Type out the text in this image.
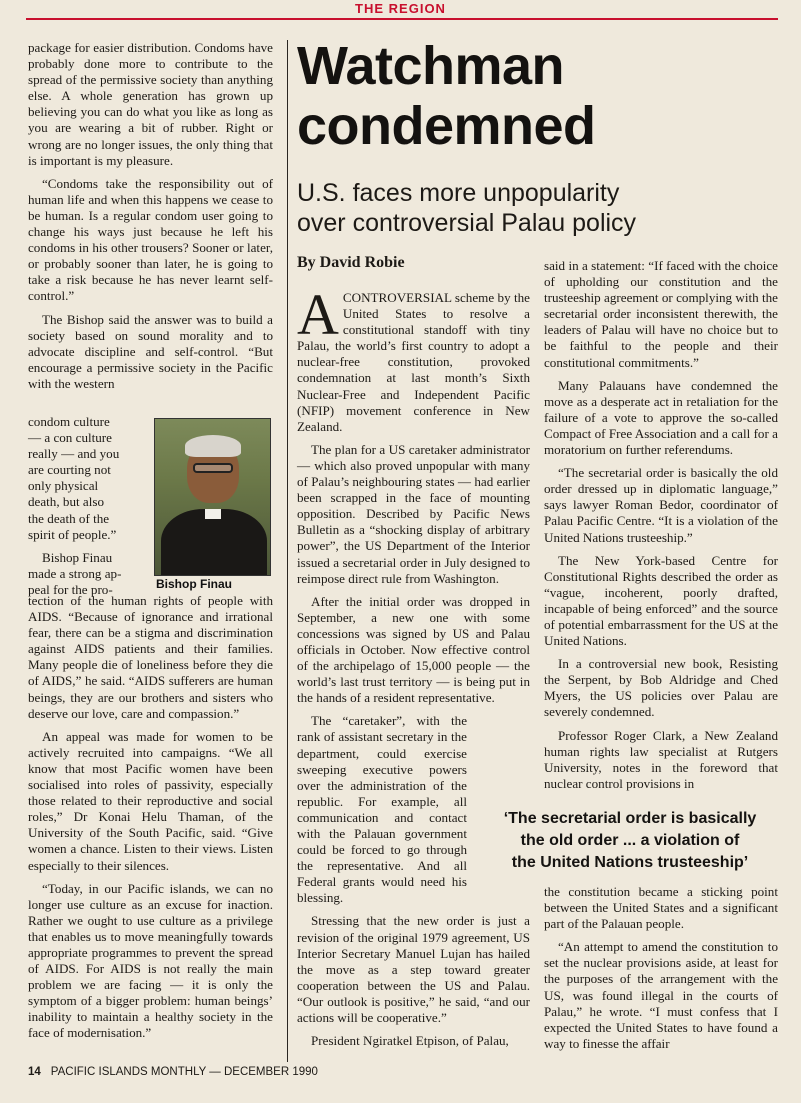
THE REGION

package for easier distribution. Condoms have probably done more to contribute to the spread of the permissive society than anything else. A whole generation has grown up believing you can do what you like as long as you are wearing a bit of rubber. Right or wrong are no longer issues, the only thing that is important is my pleasure.

“Condoms take the responsibility out of human life and when this happens we cease to be human. Is a regular condom user going to change his ways just because he left his condoms in his other trousers? Sooner or later, or probably sooner than later, he is going to take a risk because he has never learnt self-control.”

The Bishop said the answer was to build a society based on sound morality and to advocate discipline and self-control. “But encourage a permissive society in the Pacific with the western

condom culture
— a con culture
really — and you
are courting not
only physical
death, but also
the death of the
spirit of people.”
Bishop Finau
made a strong ap-
peal for the pro-	Bishop Finau

tection of the human rights of people with AIDS. “Because of ignorance and irrational fear, there can be a stigma and discrimination against AIDS patients and their families. Many people die of loneliness before they die of AIDS,” he said. “AIDS sufferers are human beings, they are our brothers and sisters who deserve our love, care and compassion.”

An appeal was made for women to be actively recruited into campaigns. “We all know that most Pacific women have been socialised into roles of passivity, especially those related to their reproductive and social roles,” Dr Konai Helu Thaman, of the University of the South Pacific, said. “Give women a chance. Listen to their views. Listen especially to their silences.

“Today, in our Pacific islands, we can no longer use culture as an excuse for inaction. Rather we ought to use culture as a privilege that enables us to move meaningfully towards appropriate programmes to prevent the spread of AIDS. For AIDS is not really the main problem we are facing — it is only the symptom of a bigger problem: human beings’ inability to maintain a healthy society in the face of modernisation.”

Watchman
condemned
U.S. faces more unpopularity
over controversial Palau policy
By David Robie

ACONTROVERSIAL scheme by the United States to resolve a constitutional standoff with tiny Palau, the world’s first country to adopt a nuclear-free constitution, provoked condemnation at last month’s Sixth Nuclear-Free and Independent Pacific (NFIP) movement conference in New Zealand.

The plan for a US caretaker administrator — which also proved unpopular with many of Palau’s neighbouring states — had earlier been scrapped in the face of mounting opposition. Described by Pacific News Bulletin as a “shocking display of arbitrary power”, the US Department of the Interior issued a secretarial order in July designed to reimpose direct rule from Washington.

After the initial order was dropped in September, a new one with some concessions was signed by US and Palau officials in October. Now effective control of the archipelago of 15,000 people — the world’s last trust territory — is being put in the hands of a resident representative.

The “caretaker”, with the rank of assistant secretary in the department, could exercise sweeping executive powers over the administration of the republic. For example, all communication and contact with the Palauan government could be forced to go through the representative. And all Federal grants would need his blessing.

Stressing that the new order is just a revision of the original 1979 agreement, US Interior Secretary Manuel Lujan has hailed the move as a step toward greater cooperation between the US and Palau. “Our outlook is positive,” he said, “and our actions will be cooperative.”

President Ngiratkel Etpison, of Palau,

said in a statement: “If faced with the choice of upholding our constitution and the trusteeship agreement or complying with the secretarial order inconsistent therewith, the leaders of Palau will have no choice but to be faithful to the people and their constitutional commitments.”

Many Palauans have condemned the move as a desperate act in retaliation for the failure of a vote to approve the so-called Compact of Free Association and a call for a moratorium on further referendums.

“The secretarial order is basically the old order dressed up in diplomatic language,” says lawyer Roman Bedor, coordinator of Palau Pacific Centre. “It is a violation of the United Nations trusteeship.”

The New York-based Centre for Constitutional Rights described the order as “vague, incoherent, poorly drafted, incapable of being enforced” and the source of potential embarrassment for the US at the United Nations.

In a controversial new book, Resisting the Serpent, by Bob Aldridge and Ched Myers, the US policies over Palau are severely condemned.

Professor Roger Clark, a New Zealand human rights law specialist at Rutgers University, notes in the foreword that nuclear control provisions in

‘The secretarial order is basically
the old order ... a violation of
the United Nations trusteeship’

the constitution became a sticking point between the United States and a significant part of the Palauan people.

“An attempt to amend the constitution to set the nuclear provisions aside, at least for the purposes of the arrangement with the US, was found illegal in the courts of Palau,” he wrote. “I must confess that I expected the United States to have found a way to finesse the affair

14 PACIFIC ISLANDS MONTHLY — DECEMBER 1990
